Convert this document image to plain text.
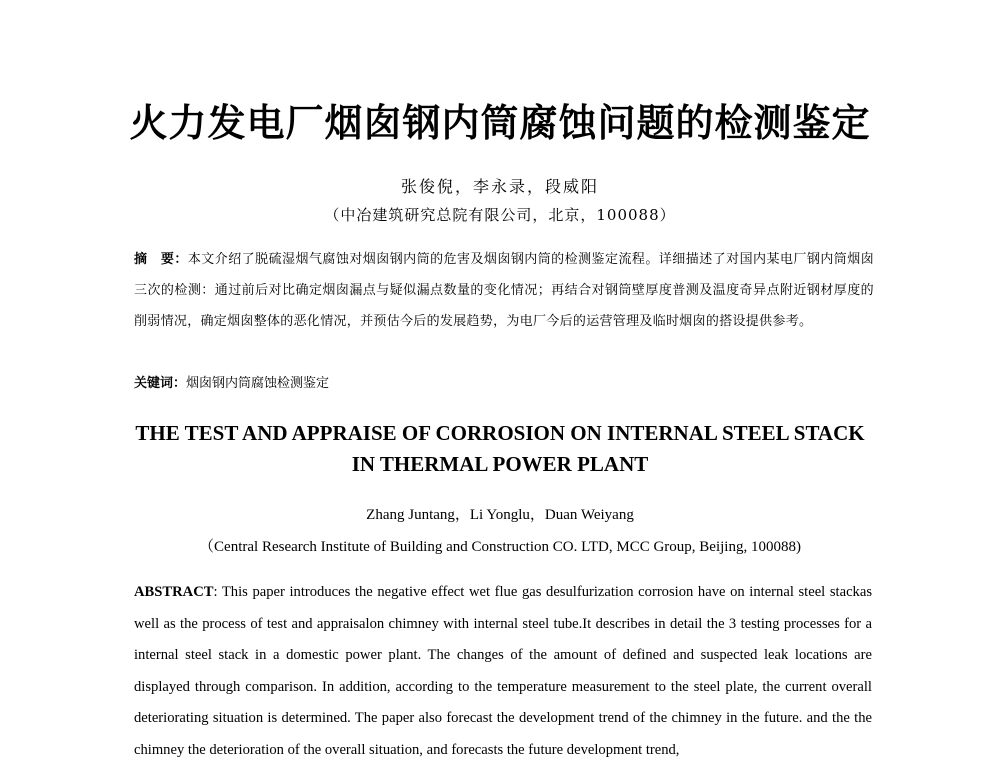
火力发电厂烟囱钢内筒腐蚀问题的检测鉴定
张俊倪，李永录，段威阳
（中冶建筑研究总院有限公司，北京，100088）
摘　要：本文介绍了脱硫湿烟气腐蚀对烟囱钢内筒的危害及烟囱钢内筒的检测鉴定流程。详细描述了对国内某电厂钢内筒烟囱三次的检测：通过前后对比确定烟囱漏点与疑似漏点数量的变化情况；再结合对钢筒壁厚度普测及温度奇异点附近钢材厚度的削弱情况，确定烟囱整体的恶化情况，并预估今后的发展趋势，为电厂今后的运营管理及临时烟囱的搭设提供参考。
关键词：烟囱钢内筒腐蚀检测鉴定
THE TEST AND APPRAISE OF CORROSION ON INTERNAL STEEL STACK
IN THERMAL POWER PLANT
Zhang Juntang，Li Yonglu，Duan Weiyang
（Central Research Institute of Building and Construction CO. LTD, MCC Group, Beijing, 100088)
ABSTRACT: This paper introduces the negative effect wet flue gas desulfurization corrosion have on internal steel stackas well as the process of test and appraisalon chimney with internal steel tube.It describes in detail the 3 testing processes for a internal steel stack in a domestic power plant. The changes of the amount of defined and suspected leak locations are displayed through comparison. In addition, according to the temperature measurement to the steel plate, the current overall deteriorating situation is determined. The paper also forecast the development trend of the chimney in the future. and the the chimney the deterioration of the overall situation, and forecasts the future development trend,
